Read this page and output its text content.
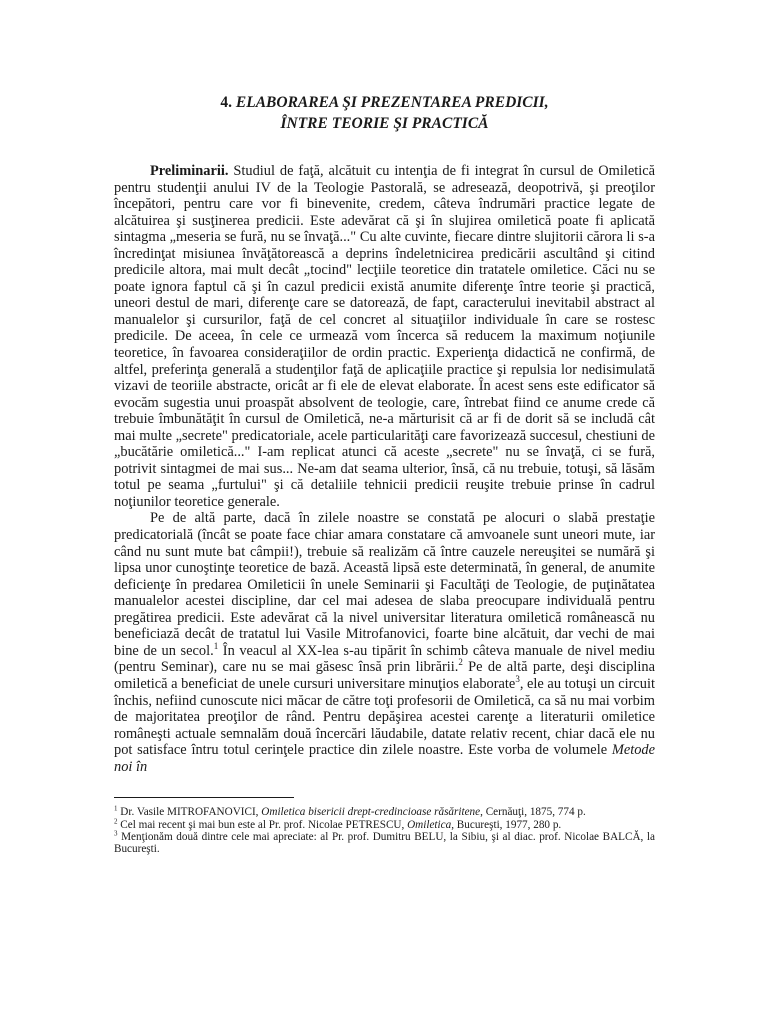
4. ELABORAREA ŞI PREZENTAREA PREDICII,
ÎNTRE TEORIE ŞI PRACTICĂ

Preliminarii. Studiul de faţă, alcătuit cu intenţia de fi integrat în cursul de Omiletică pentru studenţii anului IV de la Teologie Pastorală, se adresează, deopotrivă, şi preoţilor începători, pentru care vor fi binevenite, credem, câteva îndrumări practice legate de alcătuirea şi susţinerea predicii. Este adevărat că şi în slujirea omiletică poate fi aplicată sintagma „meseria se fură, nu se învaţă..." Cu alte cuvinte, fiecare dintre slujitorii cărora li s-a încredinţat misiunea învăţătorească a deprins îndeletnicirea predicării ascultând şi citind predicile altora, mai mult decât „tocind" lecţiile teoretice din tratatele omiletice. Căci nu se poate ignora faptul că şi în cazul predicii există anumite diferenţe între teorie şi practică, uneori destul de mari, diferenţe care se datorează, de fapt, caracterului inevitabil abstract al manualelor şi cursurilor, faţă de cel concret al situaţiilor individuale în care se rostesc predicile. De aceea, în cele ce urmează vom încerca să reducem la maximum noţiunile teoretice, în favoarea consideraţiilor de ordin practic. Experienţa didactică ne confirmă, de altfel, preferinţa generală a studenţilor faţă de aplicaţiile practice şi repulsia lor nedisimulată vizavi de teoriile abstracte, oricât ar fi ele de elevat elaborate. În acest sens este edificator să evocăm sugestia unui proaspăt absolvent de teologie, care, întrebat fiind ce anume crede că trebuie îmbunătăţit în cursul de Omiletică, ne-a mărturisit că ar fi de dorit să se includă cât mai multe „secrete" predicatoriale, acele particularităţi care favorizează succesul, chestiuni de „bucătărie omiletică..." I-am replicat atunci că aceste „secrete" nu se învaţă, ci se fură, potrivit sintagmei de mai sus... Ne-am dat seama ulterior, însă, că nu trebuie, totuşi, să lăsăm totul pe seama „furtului" şi că detaliile tehnicii predicii reuşite trebuie prinse în cadrul noţiunilor teoretice generale.

Pe de altă parte, dacă în zilele noastre se constată pe alocuri o slabă prestaţie predicatorială (încât se poate face chiar amara constatare că amvoanele sunt uneori mute, iar când nu sunt mute bat câmpii!), trebuie să realizăm că între cauzele nereuşitei se numără şi lipsa unor cunoştinţe teoretice de bază. Această lipsă este determinată, în general, de anumite deficienţe în predarea Omileticii în unele Seminarii şi Facultăţi de Teologie, de puţinătatea manualelor acestei discipline, dar cel mai adesea de slaba preocupare individuală pentru pregătirea predicii. Este adevărat că la nivel universitar literatura omiletică românească nu beneficiază decât de tratatul lui Vasile Mitrofanovici, foarte bine alcătuit, dar vechi de mai bine de un secol.$^1$ În veacul al XX-lea s-au tipărit în schimb câteva manuale de nivel mediu (pentru Seminar), care nu se mai găsesc însă prin librării.$^2$ Pe de altă parte, deşi disciplina omiletică a beneficiat de unele cursuri universitare minuţios elaborate$^3$, ele au totuşi un circuit închis, nefiind cunoscute nici măcar de către toţi profesorii de Omiletică, ca să nu mai vorbim de majoritatea preoţilor de rând. Pentru depăşirea acestei carenţe a literaturii omiletice româneşti actuale semnalăm două încercări lăudabile, datate relativ recent, chiar dacă ele nu pot satisface întru totul cerinţele practice din zilele noastre. Este vorba de volumele Metode noi în

$^1$ Dr. Vasile MITROFANOVICI, Omiletica bisericii drept-credincioase răsăritene, Cernăuţi, 1875, 774 p.

$^2$ Cel mai recent şi mai bun este al Pr. prof. Nicolae PETRESCU, Omiletica, Bucureşti, 1977, 280 p.

$^3$ Menţionăm două dintre cele mai apreciate: al Pr. prof. Dumitru BELU, la Sibiu, şi al diac. prof. Nicolae BALCĂ, la Bucureşti.
